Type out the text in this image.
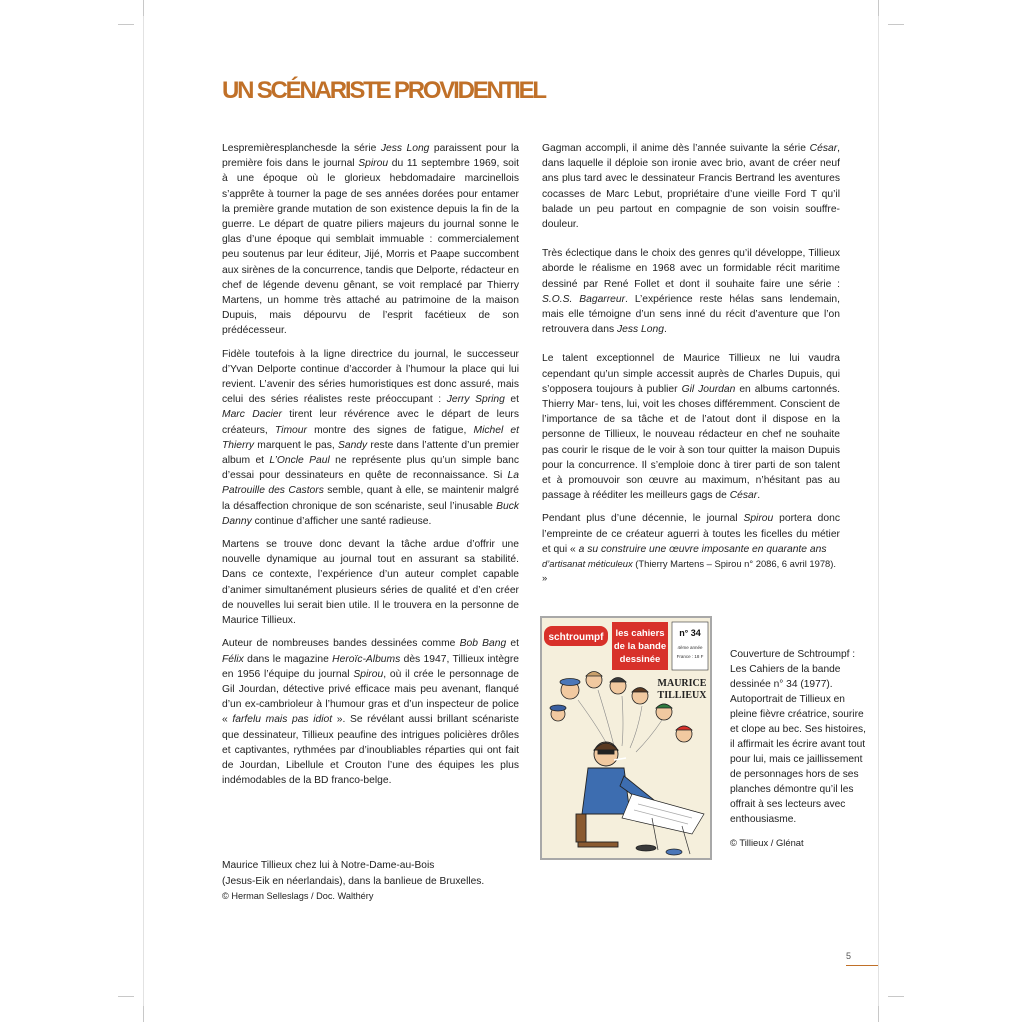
UN SCÉNARISTE PROVIDENTIEL

Lespremièresplanchesde la série Jess Long paraissent pour la première fois dans le journal Spirou du 11 septembre 1969, soit à une époque où le glorieux hebdomadaire marcinellois s’apprête à tourner la page de ses années dorées pour entamer la première grande mutation de son existence depuis la fin de la guerre. Le départ de quatre piliers majeurs du journal sonne le glas d’une époque qui semblait immuable : commercialement peu soutenus par leur éditeur, Jijé, Morris et Paape succombent aux sirènes de la concurrence, tandis que Delporte, rédacteur en chef de légende devenu gênant, se voit remplacé par Thierry Martens, un homme très attaché au patrimoine de la maison Dupuis, mais dépourvu de l’esprit facétieux de son prédécesseur.

Fidèle toutefois à la ligne directrice du journal, le successeur d’Yvan Delporte continue d’accorder à l’humour la place qui lui revient. L’avenir des séries humoristiques est donc assuré, mais celui des séries réalistes reste préoccupant : Jerry Spring et Marc Dacier tirent leur révérence avec le départ de leurs créateurs, Timour montre des signes de fatigue, Michel et Thierry marquent le pas, Sandy reste dans l’attente d’un premier album et L’Oncle Paul ne représente plus qu’un simple banc d’essai pour dessinateurs en quête de reconnaissance. Si La Patrouille des Castors semble, quant à elle, se maintenir malgré la désaffection chronique de son scénariste, seul l’inusable Buck Danny continue d’afficher une santé radieuse.

Martens se trouve donc devant la tâche ardue d’offrir une nouvelle dynamique au journal tout en assurant sa stabilité. Dans ce contexte, l’expérience d’un auteur complet capable d’animer simultanément plusieurs séries de qualité et d’en créer de nouvelles lui serait bien utile. Il le trouvera en la personne de Maurice Tillieux.

Auteur de nombreuses bandes dessinées comme Bob Bang et Félix dans le magazine Heroïc-Albums dès 1947, Tillieux intègre en 1956 l’équipe du journal Spirou, où il crée le personnage de Gil Jourdan, détective privé efficace mais peu avenant, flanqué d’un ex-cambrioleur à l’humour gras et d’un inspecteur de police « farfelu mais pas idiot ». Se révélant aussi brillant scénariste que dessinateur, Tillieux peaufine des intrigues policières drôles et captivantes, rythmées par d’inoubliables réparties qui ont fait de Jourdan, Libellule et Crouton l’une des équipes les plus indémodables de la BD franco-belge.

Gagman accompli, il anime dès l’année suivante la série César, dans laquelle il déploie son ironie avec brio, avant de créer neuf ans plus tard avec le dessinateur Francis Bertrand les aventures cocasses de Marc Lebut, propriétaire d’une vieille Ford T qu’il balade un peu partout en compagnie de son voisin souffre- douleur.

Très éclectique dans le choix des genres qu’il développe, Tillieux aborde le réalisme en 1968 avec un formidable récit maritime dessiné par René Follet et dont il souhaite faire une série : S.O.S. Bagarreur. L’expérience reste hélas sans lendemain, mais elle témoigne d’un sens inné du récit d’aventure que l’on retrouvera dans Jess Long.

Le talent exceptionnel de Maurice Tillieux ne lui vaudra cependant qu’un simple accessit auprès de Charles Dupuis, qui s’opposera toujours à publier Gil Jourdan en albums cartonnés. Thierry Mar- tens, lui, voit les choses différemment. Conscient de l’importance de sa tâche et de l’atout dont il dispose en la personne de Tillieux, le nouveau rédacteur en chef ne souhaite pas courir le risque de le voir à son tour quitter la maison Dupuis pour la concurrence. Il s’emploie donc à tirer parti de son talent et à promouvoir son œuvre au maximum, n’hésitant pas au passage à rééditer les meilleurs gags de César.

Pendant plus d’une décennie, le journal Spirou portera donc l’empreinte de ce créateur aguerri à toutes les ficelles du métier et qui « a su construire une œuvre imposante en quarante ans

d’artisanat méticuleux (Thierry Martens – Spirou n° 2086, 6 avril 1978). »

schtroumpf les cahiers
de la bande
dessinée
n° 34
4ème année
France : 18 F
MAURICE
TILLIEUX
Couverture de Schtroumpf : Les Cahiers de la bande dessinée n° 34 (1977). Autoportrait de Tillieux en pleine fièvre créatrice, sourire et clope au bec. Ses histoires, il affirmait les écrire avant tout pour lui, mais ce jaillissement de personnages hors de ses planches démontre qu’il les offrait à ses lecteurs avec enthousiasme.
© Tillieux / Glénat
Maurice Tillieux chez lui à Notre-Dame-au-Bois
(Jesus-Eik en néerlandais), dans la banlieue de Bruxelles.
© Herman Selleslags / Doc. Walthéry
5
